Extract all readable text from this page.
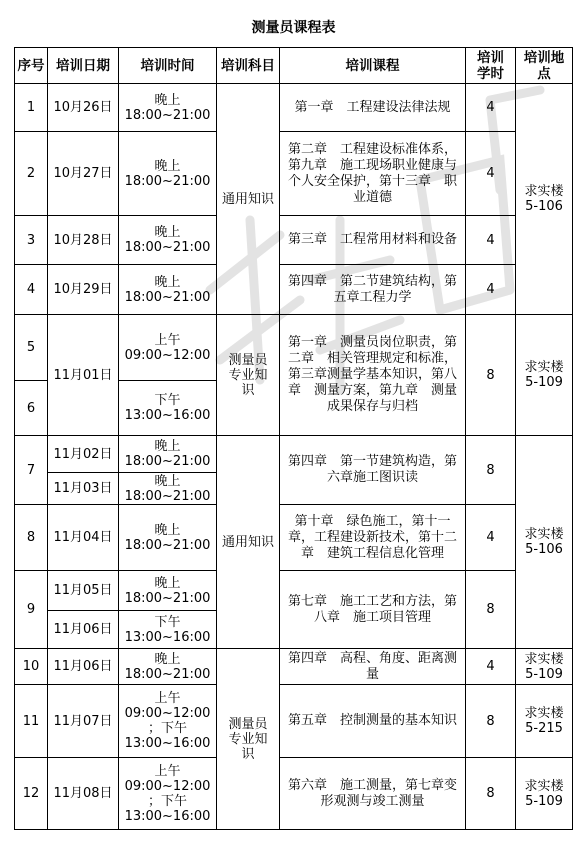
测量员课程表						
序号	培训日期	培训时间	培训科目	培训课程	培训
学时	培训地
点
1	10月26日	晚上
18:00~21:00	通用知识	第一章　工程建设法律法规	4	求实楼
5-106
2	10月27日	晚上
18:00~21:00		第二章　工程建设标准体系，第九章　施工现场职业健康与个人安全保护，第十三章　职业道德	4	
3	10月28日	晚上
18:00~21:00		第三章　工程常用材料和设备	4	
4	10月29日	晚上
18:00~21:00		第四章　第二节建筑结构，第五章工程力学	4	
5	11月01日	上午
09:00~12:00	测量员
专业知
识	第一章　测量员岗位职责，第二章　相关管理规定和标准，第三章测量学基本知识，第八章　测量方案，第九章　测量成果保存与归档	8	求实楼
5-109
6		下午
13:00~16:00				
7	11月02日	晚上
18:00~21:00	通用知识	第四章　第一节建筑构造，第六章施工图识读	8	求实楼
5-106
	11月03日	晚上
18:00~21:00				
8	11月04日	晚上
18:00~21:00		第十章　绿色施工，第十一章，工程建设新技术，第十二章　建筑工程信息化管理	4	
9	11月05日	晚上
18:00~21:00		第七章　施工工艺和方法，第八章　施工项目管理	8	
	11月06日	下午
13:00~16:00				
10	11月06日	晚上
18:00~21:00	测量员
专业知
识	第四章　高程、角度、距离测量	4	求实楼
5-109
11	11月07日	上午
09:00~12:00
；下午
13:00~16:00		第五章　控制测量的基本知识	8	求实楼
5-215
12	11月08日	上午
09:00~12:00
；下午
13:00~16:00		第六章　施工测量，第七章变形观测与竣工测量	8	求实楼
5-109
